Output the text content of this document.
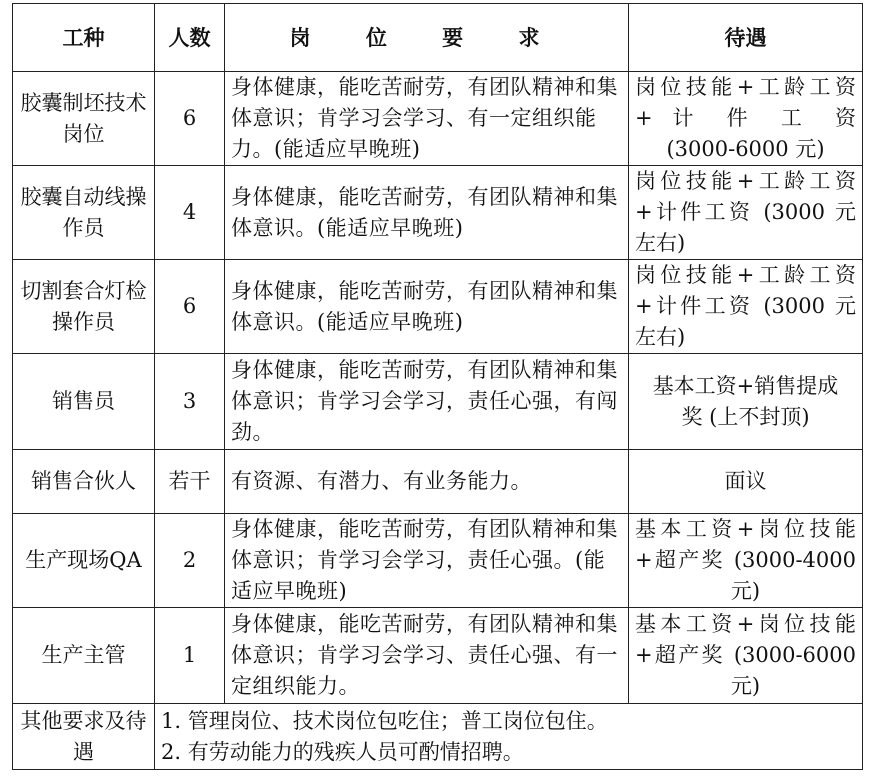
工种	人数	岗 位 要 求	待遇
胶囊制坯技术岗位	6	身体健康，能吃苦耐劳，有团队精神和集体意识；肯学习会学习、有一定组织能力。(能适应早晚班)	岗位技能+工龄工资
+ 计 件 工 资
(3000-6000 元)

胶囊自动线操作员	4	身体健康，能吃苦耐劳，有团队精神和集体意识。(能适应早晚班)	岗位技能+工龄工资
+计件工资 (3000 元
左右)

切割套合灯检操作员	6	身体健康，能吃苦耐劳，有团队精神和集体意识。(能适应早晚班)	岗位技能+工龄工资
+计件工资 (3000 元
左右)

销售员	3	身体健康，能吃苦耐劳，有团队精神和集体意识；肯学习会学习，责任心强，有闯劲。	基本工资+销售提成
奖 (上不封顶)

销售合伙人	若干	有资源、有潜力、有业务能力。	面议

生产现场QA	2	身体健康，能吃苦耐劳，有团队精神和集体意识；肯学习会学习，责任心强。(能适应早晚班)	基本工资+岗位技能
+超产奖 (3000-4000
元)

生产主管	1	身体健康，能吃苦耐劳，有团队精神和集体意识；肯学习会学习、责任心强、有一定组织能力。	基本工资+岗位技能
+超产奖 (3000-6000
元)

其他要求及待遇	1. 管理岗位、技术岗位包吃住；普工岗位包住。
2. 有劳动能力的残疾人员可酌情招聘。		
